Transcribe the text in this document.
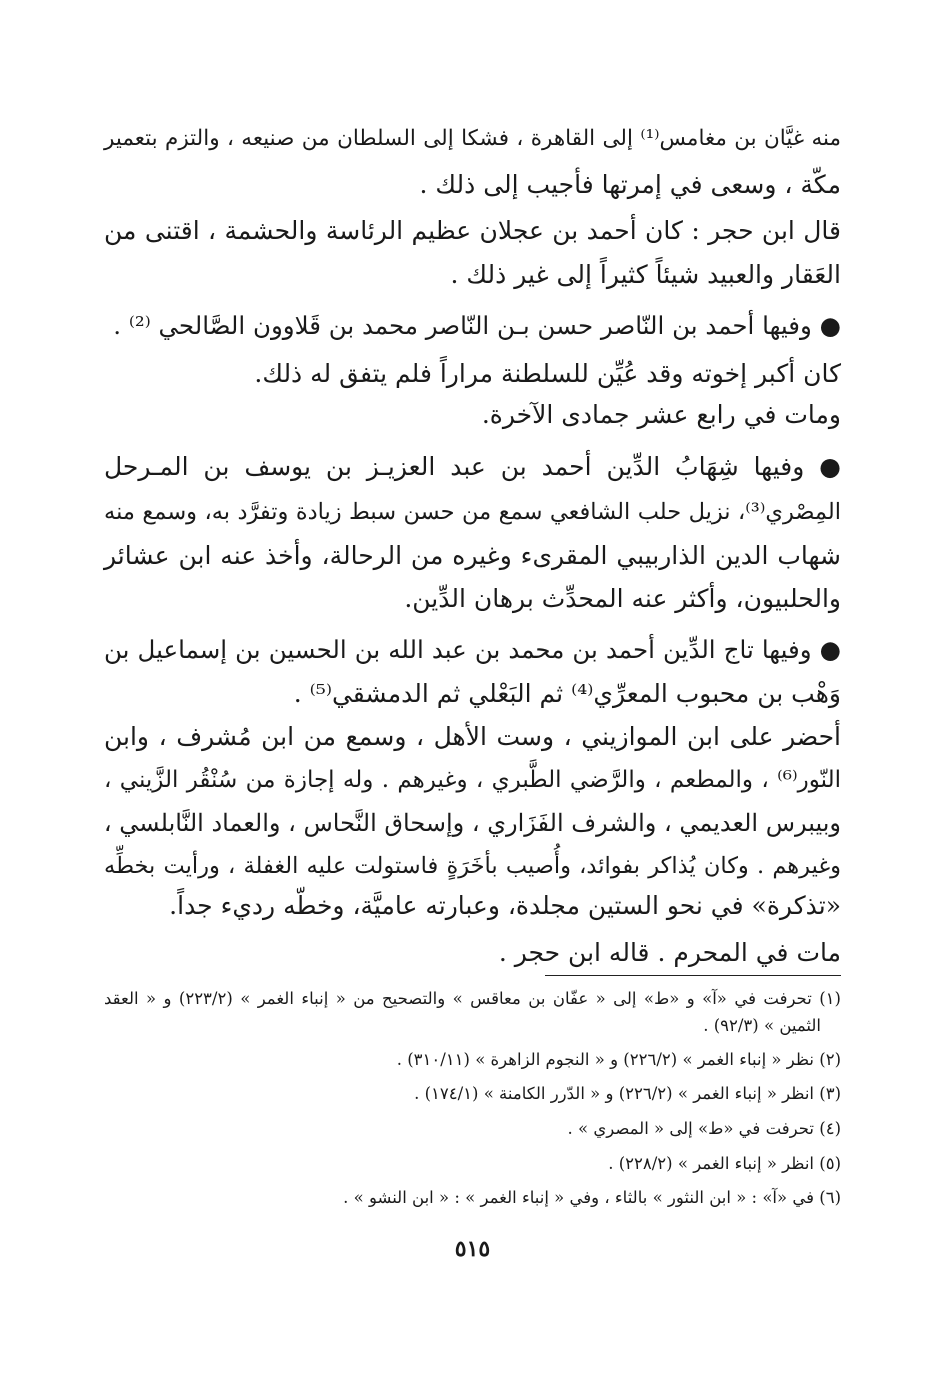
منه غيَّان بن مغامس⁽¹⁾ إلى القاهرة ، فشكا إلى السلطان من صنيعه ، والتزم بتعمير
مكّة ، وسعى في إمرتها فأجيب إلى ذلك .
قال ابن حجر : كان أحمد بن عجلان عظيم الرئاسة والحشمة ، اقتنى من
العَقار والعبيد شيئاً كثيراً إلى غير ذلك .
● وفيها أحمد بن النّاصر حسن بـن النّاصر محمد بن قَلاوون الصَّالحي ⁽²⁾ .
كان أكبر إخوته وقد عُيِّن للسلطنة مراراً فلم يتفق له ذلك.
ومات في رابع عشر جمادى الآخرة.
● وفيها شِهَابُ الدِّين أحمد بن عبد العزيـز بن يوسف بن المـرحل
المِصْري⁽³⁾، نزيل حلب الشافعي سمع من حسن سبط زيادة وتفرَّد به، وسمع منه
شهاب الدين الذاربيبي المقرىء وغيره من الرحالة، وأخذ عنه ابن عشائر
والحلبيون، وأكثر عنه المحدِّث برهان الدِّين.
● وفيها تاج الدِّين أحمد بن محمد بن عبد الله بن الحسين بن إسماعيل بن
وَهْب بن محبوب المعرِّي⁽⁴⁾ ثم البَعْلي ثم الدمشقي⁽⁵⁾ .
أحضر على ابن الموازيني ، وست الأهل ، وسمع من ابن مُشرف ، وابن
النّور⁽⁶⁾ ، والمطعم ، والرَّضي الطَّبري ، وغيرهم . وله إجازة من سُنْقُر الزَّيني ،
وبيبرس العديمي ، والشرف الفَزَاري ، وإسحاق النَّحاس ، والعماد النَّابلسي ،
وغيرهم . وكان يُذاكر بفوائد، وأُصيب بأخَرَةٍ فاستولت عليه الغفلة ، ورأيت بخطِّه
«تذكرة» في نحو الستين مجلدة، وعبارته عاميَّة، وخطّه رديء جداً.
مات في المحرم . قاله ابن حجر .
(١) تحرفت في «آ» و «ط» إلى « عفّان بن معاقس » والتصحيح من « إنباء الغمر » (٢٢٣/٢) و « العقد
الثمين » (٩٢/٣) .
(٢) نظر « إنباء الغمر » (٢٢٦/٢) و « النجوم الزاهرة » (٣١٠/١١) .
(٣) انظر « إنباء الغمر » (٢٢٦/٢) و « الدّرر الكامنة » (١٧٤/١) .
(٤) تحرفت في «ط» إلى « المصري » .
(٥) انظر « إنباء الغمر » (٢٢٨/٢) .
(٦) في «آ» : « ابن النثور » بالثاء ، وفي « إنباء الغمر » : « ابن النشو » .
٥١٥
